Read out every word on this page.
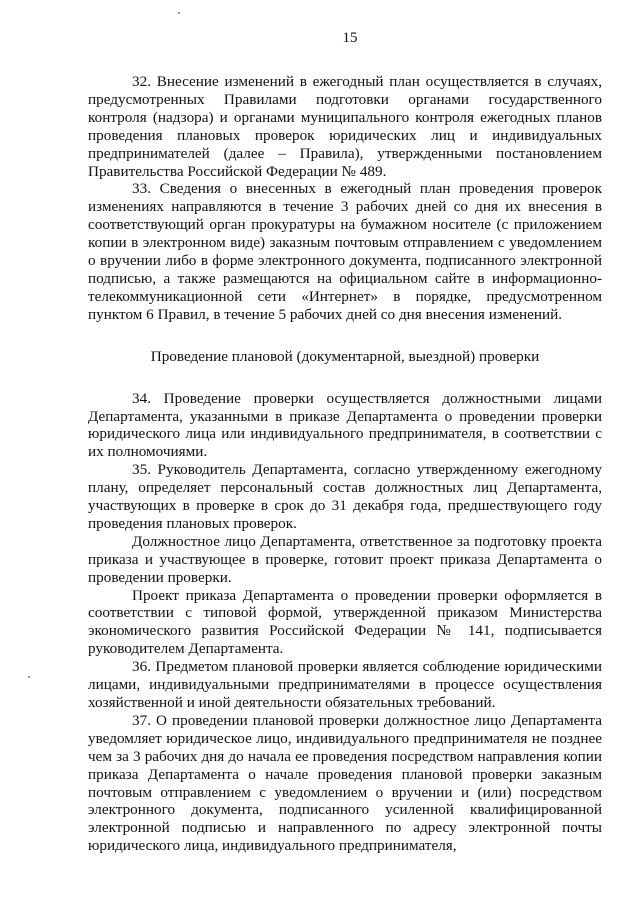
15

32. Внесение изменений в ежегодный план осуществляется в случаях, предусмотренных Правилами подготовки органами государственного контроля (надзора) и органами муниципального контроля ежегодных планов проведения плановых проверок юридических лиц и индивидуальных предпринимателей (далее – Правила), утвержденными постановлением Правительства Российской Федерации № 489.

33. Сведения о внесенных в ежегодный план проведения проверок изменениях направляются в течение 3 рабочих дней со дня их внесения в соответствующий орган прокуратуры на бумажном носителе (с приложением копии в электронном виде) заказным почтовым отправлением с уведомлением о вручении либо в форме электронного документа, подписанного электронной подписью, а также размещаются на официальном сайте в информационно-телекоммуникационной сети «Интернет» в порядке, предусмотренном пунктом 6 Правил, в течение 5 рабочих дней со дня внесения изменений.

Проведение плановой (документарной, выездной) проверки

34. Проведение проверки осуществляется должностными лицами Департамента, указанными в приказе Департамента о проведении проверки юридического лица или индивидуального предпринимателя, в соответствии с их полномочиями.

35. Руководитель Департамента, согласно утвержденному ежегодному плану, определяет персональный состав должностных лиц Департамента, участвующих в проверке в срок до 31 декабря года, предшествующего году проведения плановых проверок.

Должностное лицо Департамента, ответственное за подготовку проекта приказа и участвующее в проверке, готовит проект приказа Департамента о проведении проверки.

Проект приказа Департамента о проведении проверки оформляется в соответствии с типовой формой, утвержденной приказом Министерства экономического развития Российской Федерации № 141, подписывается руководителем Департамента.

36. Предметом плановой проверки является соблюдение юридическими лицами, индивидуальными предпринимателями в процессе осуществления хозяйственной и иной деятельности обязательных требований.

37. О проведении плановой проверки должностное лицо Департамента уведомляет юридическое лицо, индивидуального предпринимателя не позднее чем за 3 рабочих дня до начала ее проведения посредством направления копии приказа Департамента о начале проведения плановой проверки заказным почтовым отправлением с уведомлением о вручении и (или) посредством электронного документа, подписанного усиленной квалифицированной электронной подписью и направленного по адресу электронной почты юридического лица, индивидуального предпринимателя,
